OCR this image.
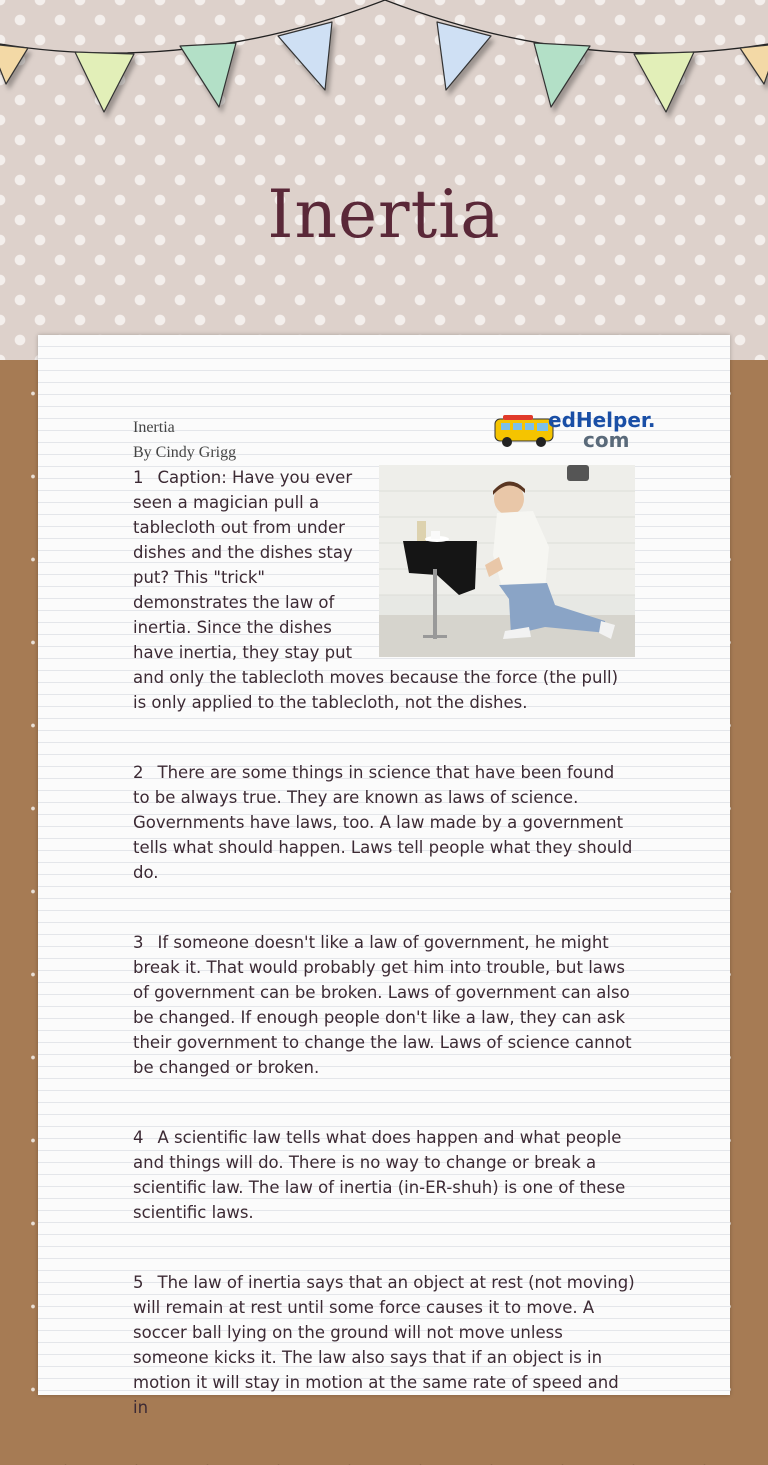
Inertia
edHelper.
com
Inertia
By Cindy Grigg
1 Caption: Have you ever seen a magician pull a tablecloth out from under dishes and the dishes stay put? This "trick" demonstrates the law of inertia. Since the dishes have inertia, they stay put and only the tablecloth moves because the force (the pull) is only applied to the tablecloth, not the dishes.
2 There are some things in science that have been found to be always true. They are known as laws of science. Governments have laws, too. A law made by a government tells what should happen. Laws tell people what they should do.
3 If someone doesn't like a law of government, he might break it. That would probably get him into trouble, but laws of government can be broken. Laws of government can also be changed. If enough people don't like a law, they can ask their government to change the law. Laws of science cannot be changed or broken.
4 A scientific law tells what does happen and what people and things will do. There is no way to change or break a scientific law. The law of inertia (in-ER-shuh) is one of these scientific laws.
5 The law of inertia says that an object at rest (not moving) will remain at rest until some force causes it to move. A soccer ball lying on the ground will not move unless someone kicks it. The law also says that if an object is in motion it will stay in motion at the same rate of speed and in
